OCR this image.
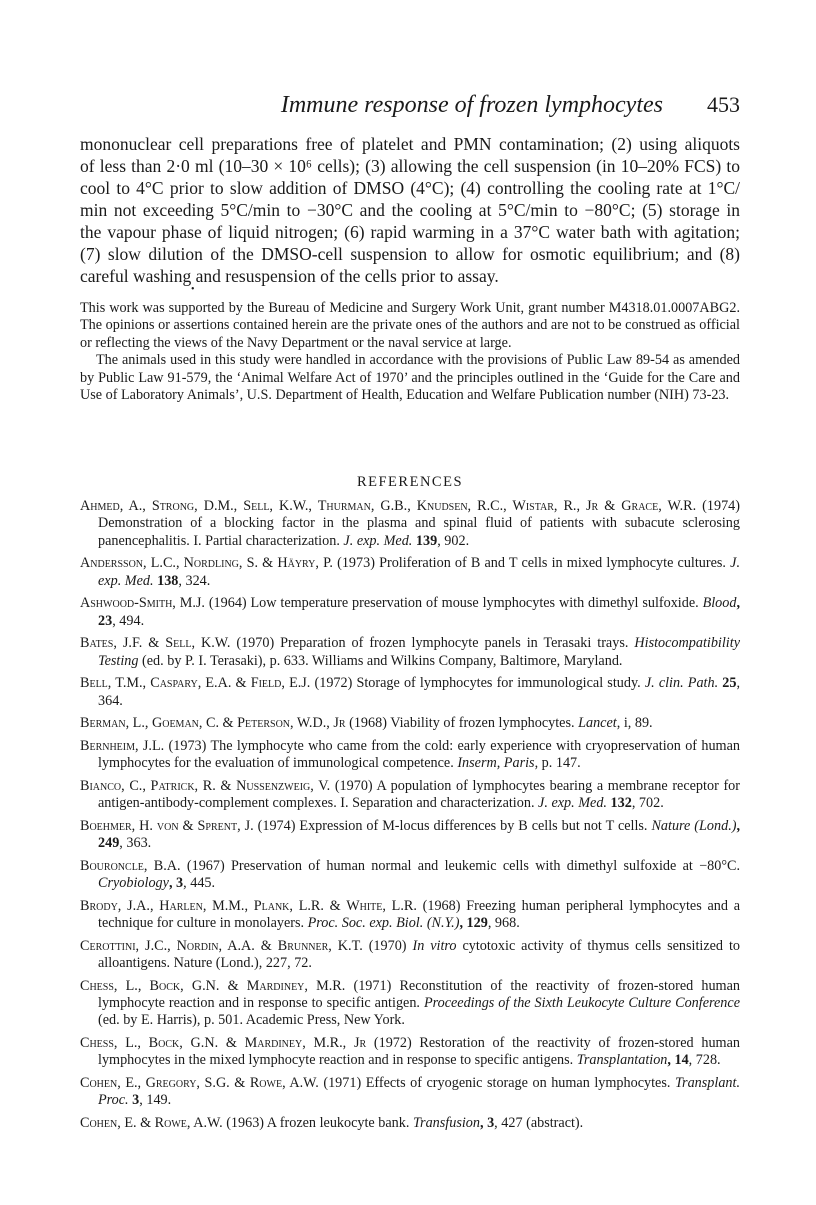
Immune response of frozen lymphocytes 453
mononuclear cell preparations free of platelet and PMN contamination; (2) using aliquots
of less than 2·0 ml (10–30 × 10⁶ cells); (3) allowing the cell suspension (in 10–20% FCS) to
cool to 4°C prior to slow addition of DMSO (4°C); (4) controlling the cooling rate at 1°C/
min not exceeding 5°C/min to −30°C and the cooling at 5°C/min to −80°C; (5) storage in
the vapour phase of liquid nitrogen; (6) rapid warming in a 37°C water bath with agitation;
(7) slow dilution of the DMSO-cell suspension to allow for osmotic equilibrium; and (8)
careful washing and resuspension of the cells prior to assay.
•

This work was supported by the Bureau of Medicine and Surgery Work Unit, grant number M4318.01.0007ABG2. The opinions or assertions contained herein are the private ones of the authors and are not to be construed as official or reflecting the views of the Navy Department or the naval service at large.

The animals used in this study were handled in accordance with the provisions of Public Law 89-54 as amended by Public Law 91-579, the ‘Animal Welfare Act of 1970’ and the principles outlined in the ‘Guide for the Care and Use of Laboratory Animals’, U.S. Department of Health, Education and Welfare Publication number (NIH) 73-23.

REFERENCES

Ahmed, A., Strong, D.M., Sell, K.W., Thurman, G.B., Knudsen, R.C., Wistar, R., Jr & Grace, W.R. (1974) Demonstration of a blocking factor in the plasma and spinal fluid of patients with subacute sclerosing panencephalitis. I. Partial characterization. J. exp. Med. 139, 902.

Andersson, L.C., Nordling, S. & Häyry, P. (1973) Proliferation of B and T cells in mixed lymphocyte cultures. J. exp. Med. 138, 324.

Ashwood-Smith, M.J. (1964) Low temperature preservation of mouse lymphocytes with dimethyl sulfoxide. Blood, 23, 494.

Bates, J.F. & Sell, K.W. (1970) Preparation of frozen lymphocyte panels in Terasaki trays. Histocompatibility Testing (ed. by P. I. Terasaki), p. 633. Williams and Wilkins Company, Baltimore, Maryland.

Bell, T.M., Caspary, E.A. & Field, E.J. (1972) Storage of lymphocytes for immunological study. J. clin. Path. 25, 364.

Berman, L., Goeman, C. & Peterson, W.D., Jr (1968) Viability of frozen lymphocytes. Lancet, i, 89.

Bernheim, J.L. (1973) The lymphocyte who came from the cold: early experience with cryopreservation of human lymphocytes for the evaluation of immunological competence. Inserm, Paris, p. 147.

Bianco, C., Patrick, R. & Nussenzweig, V. (1970) A population of lymphocytes bearing a membrane receptor for antigen-antibody-complement complexes. I. Separation and characterization. J. exp. Med. 132, 702.

Boehmer, H. von & Sprent, J. (1974) Expression of M-locus differences by B cells but not T cells. Nature (Lond.), 249, 363.

Bouroncle, B.A. (1967) Preservation of human normal and leukemic cells with dimethyl sulfoxide at −80°C. Cryobiology, 3, 445.

Brody, J.A., Harlen, M.M., Plank, L.R. & White, L.R. (1968) Freezing human peripheral lymphocytes and a technique for culture in monolayers. Proc. Soc. exp. Biol. (N.Y.), 129, 968.

Cerottini, J.C., Nordin, A.A. & Brunner, K.T. (1970) In vitro cytotoxic activity of thymus cells sensitized to alloantigens. Nature (Lond.), 227, 72.

Chess, L., Bock, G.N. & Mardiney, M.R. (1971) Reconstitution of the reactivity of frozen-stored human lymphocyte reaction and in response to specific antigen. Proceedings of the Sixth Leukocyte Culture Conference (ed. by E. Harris), p. 501. Academic Press, New York.

Chess, L., Bock, G.N. & Mardiney, M.R., Jr (1972) Restoration of the reactivity of frozen-stored human lymphocytes in the mixed lymphocyte reaction and in response to specific antigens. Transplantation, 14, 728.

Cohen, E., Gregory, S.G. & Rowe, A.W. (1971) Effects of cryogenic storage on human lymphocytes. Transplant. Proc. 3, 149.

Cohen, E. & Rowe, A.W. (1963) A frozen leukocyte bank. Transfusion, 3, 427 (abstract).
